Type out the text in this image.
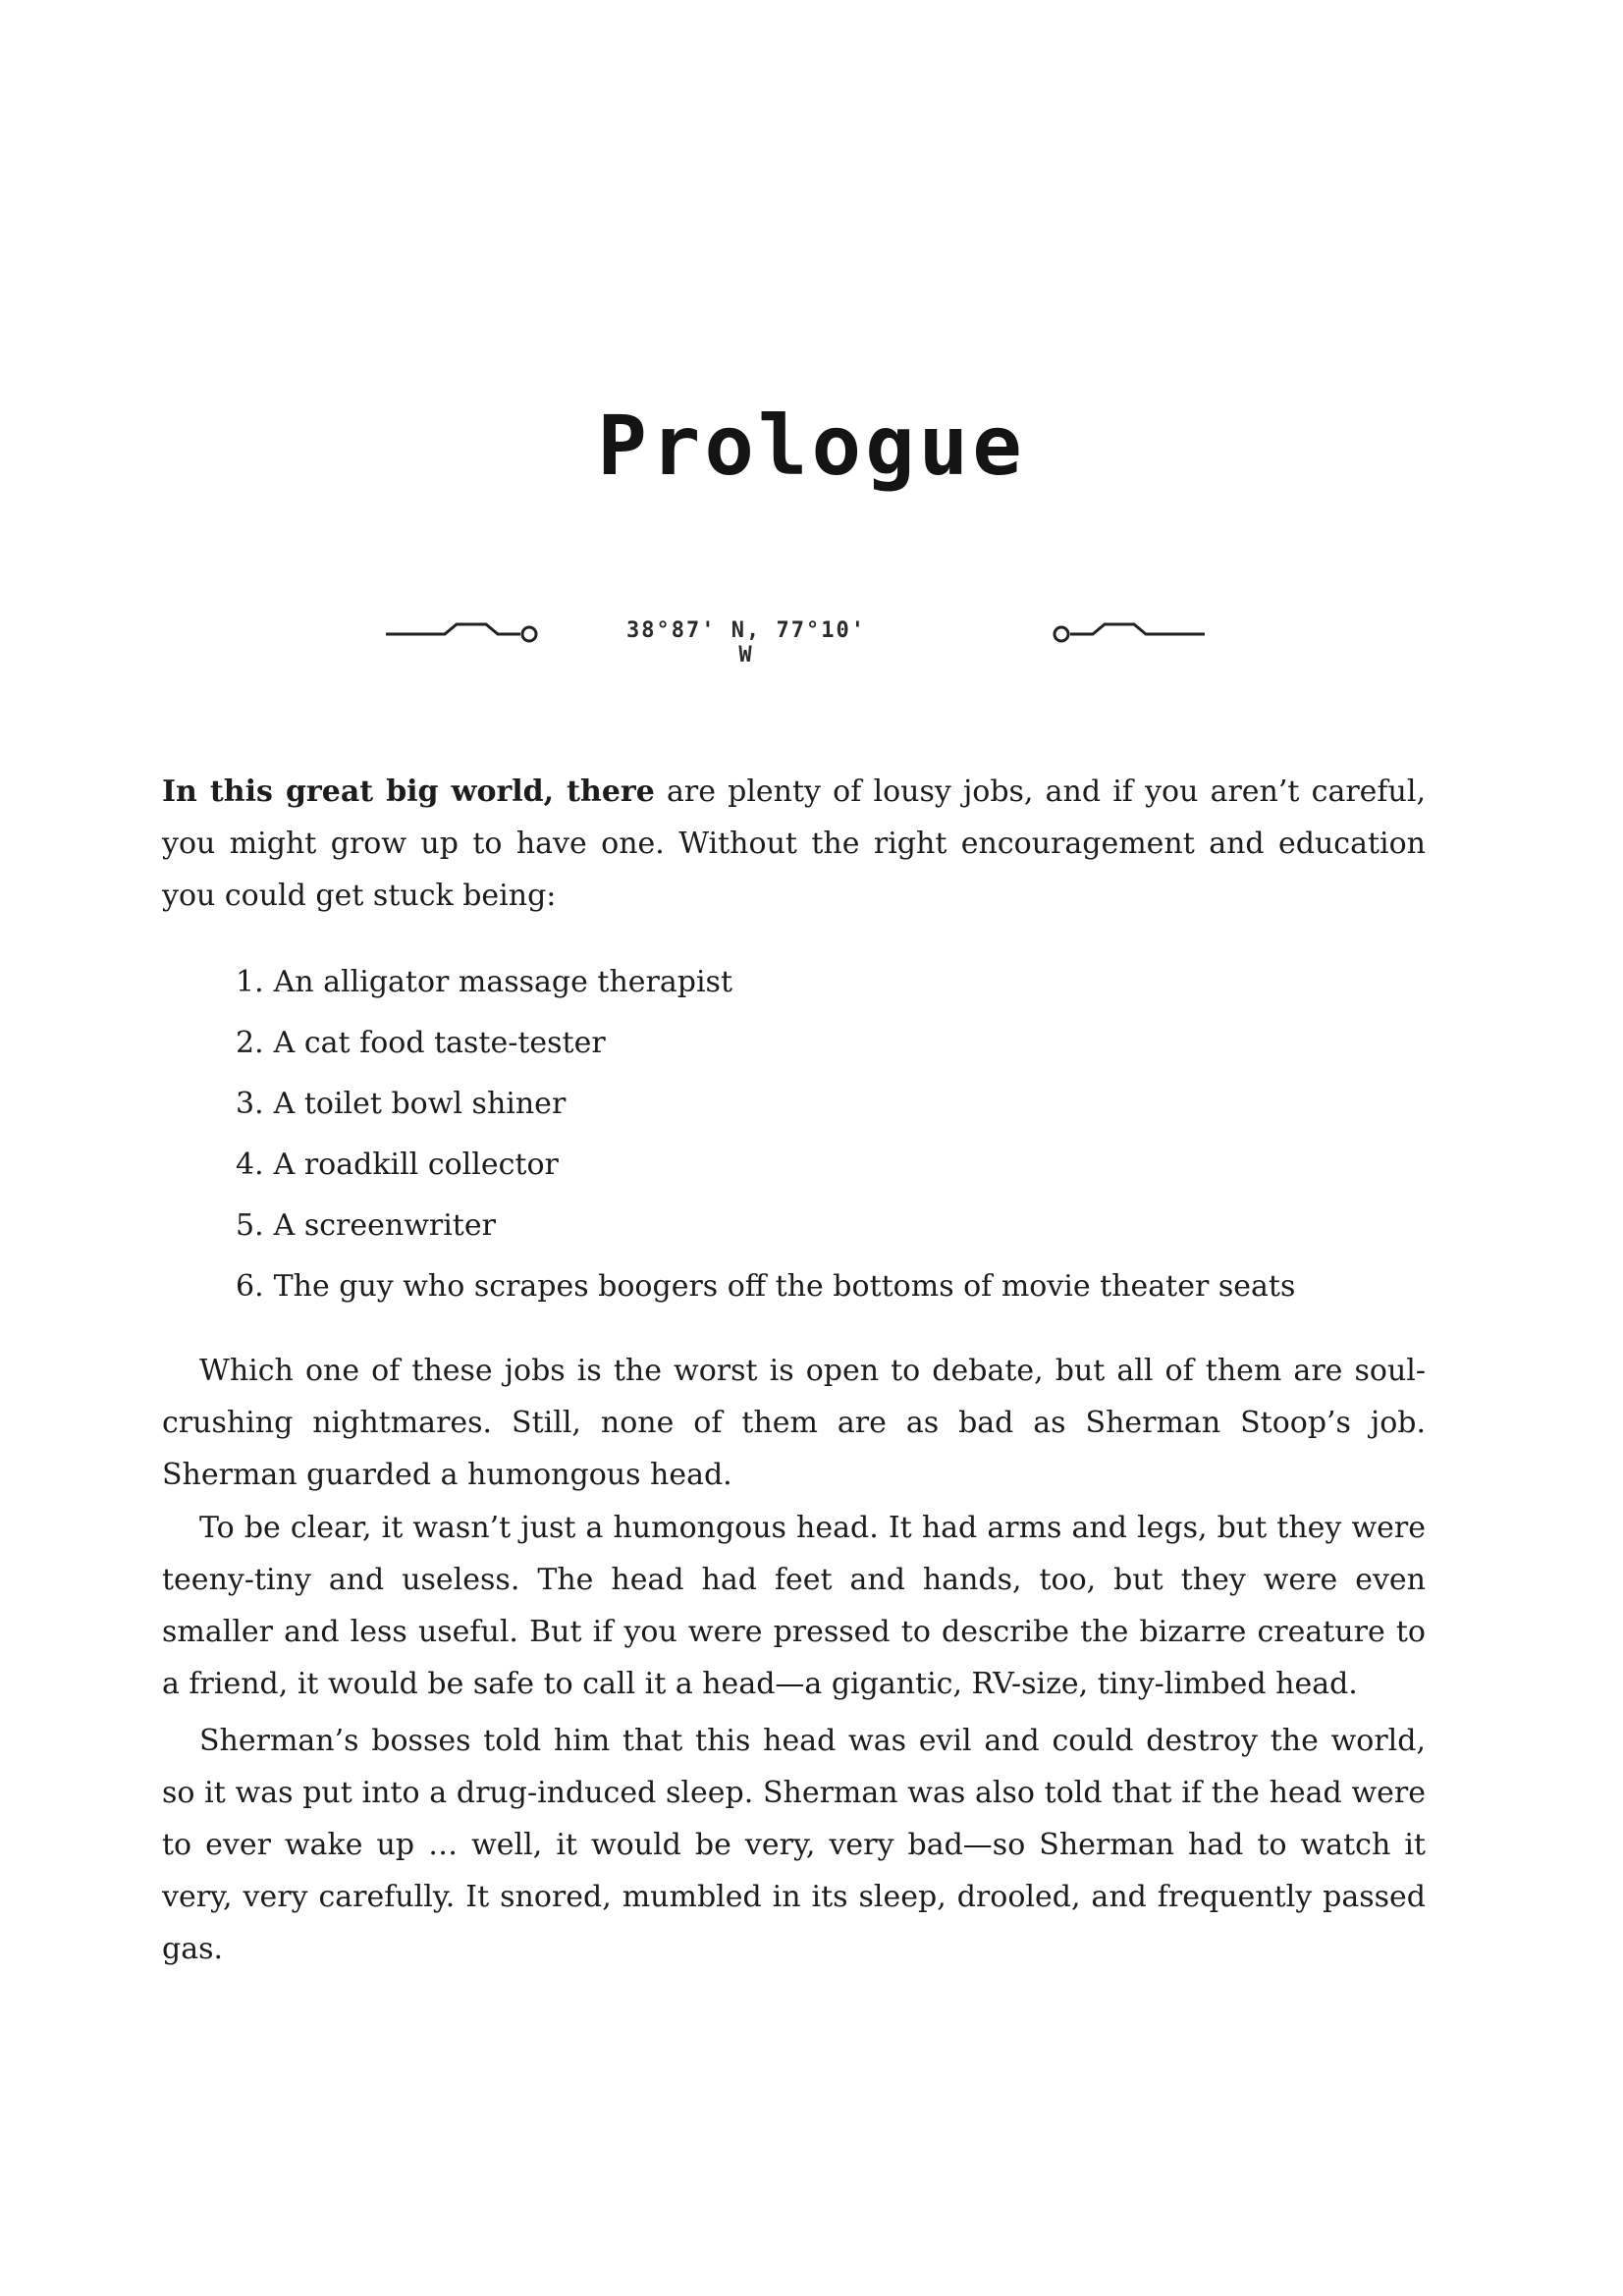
Prologue
38°87' N, 77°10' W
In this great big world, there are plenty of lousy jobs, and if you aren’t careful, you might grow up to have one. Without the right encouragement and education you could get stuck being:
1. An alligator massage therapist
2. A cat food taste-tester
3. A toilet bowl shiner
4. A roadkill collector
5. A screenwriter
6. The guy who scrapes boogers off the bottoms of movie theater seats

Which one of these jobs is the worst is open to debate, but all of them are soul-crushing nightmares. Still, none of them are as bad as Sherman Stoop’s job. Sherman guarded a humongous head.

To be clear, it wasn’t just a humongous head. It had arms and legs, but they were teeny-tiny and useless. The head had feet and hands, too, but they were even smaller and less useful. But if you were pressed to describe the bizarre creature to a friend, it would be safe to call it a head—a gigantic, RV-size, tiny-limbed head.

Sherman’s bosses told him that this head was evil and could destroy the world, so it was put into a drug-induced sleep. Sherman was also told that if the head were to ever wake up … well, it would be very, very bad—so Sherman had to watch it very, very carefully. It snored, mumbled in its sleep, drooled, and frequently passed gas.
